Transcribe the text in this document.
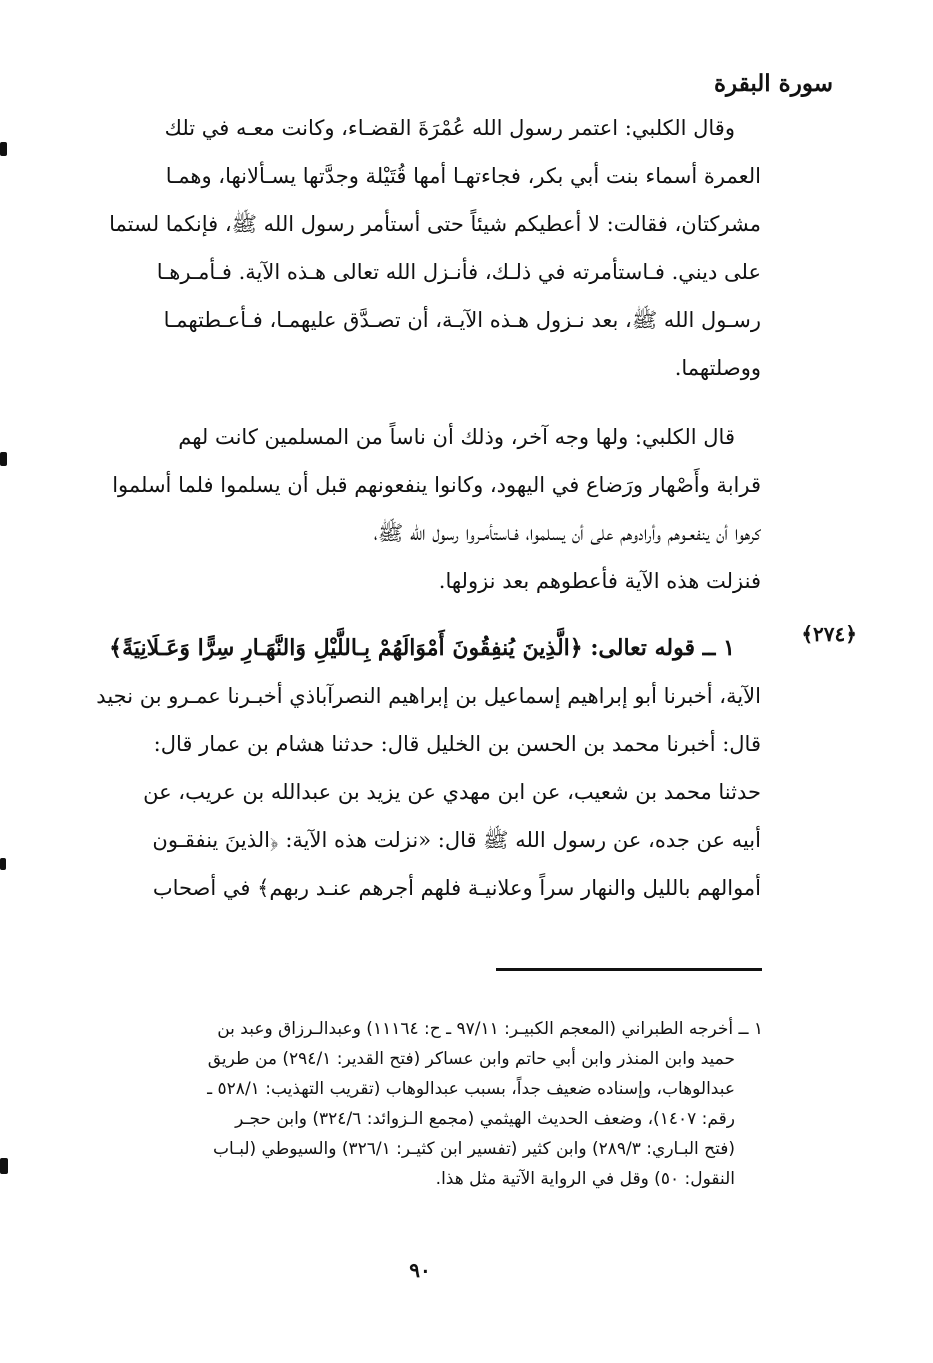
سورة البقرة
وقال الكلبي: اعتمر رسول الله عُمْرَةَ القضـاء، وكانت معـه في تلك
العمرة أسماء بنت أبي بكر، فجاءتهـا أمها قُتَيْلة وجدَّتها يسـألانها، وهمـا
مشركتان، فقالت: لا أعطيكم شيئاً حتى أستأمر رسول الله ﷺ، فإنكما لستما
على ديني. فـاستأمرته في ذلـك، فأنـزل الله تعالى هـذه الآية. فـأمـرهـا
رسـول الله ﷺ، بعد نـزول هـذه الآيـة، أن تصـدَّق عليهمـا، فـأعـطتهمـا
ووصلتهما.
قال الكلبي: ولها وجه آخر، وذلك أن ناساً من المسلمين كانت لهم
قرابة وأَصْهار ورَضاع في اليهود، وكانوا ينفعونهم قبل أن يسلموا فلما أسلموا
كرهوا أن ينفعـوهم وأرادوهم على أن يسلموا، فـاستأمـروا رسول الله ﷺ،
فنزلت هذه الآية فأعطوهم بعد نزولها.
﴿٢٧٤﴾
١ ــ قوله تعالى: ﴿الَّذِينَ يُنفِقُونَ أَمْوَالَهُمْ بِـاللَّيْلِ وَالنَّهَـارِ سِرًّا وَعَـلَانِيَةً﴾
الآية، أخبرنا أبو إبراهيم إسماعيل بن إبراهيم النصرآباذي أخبـرنا عمـرو بن نجيد
قال: أخبرنا محمد بن الحسن بن الخليل قال: حدثنا هشام بن عمار قال:
حدثنا محمد بن شعيب، عن ابن مهدي عن يزيد بن عبدالله بن عريب، عن
أبيه عن جده، عن رسول الله ﷺ قال: «نزلت هذه الآية: ﴿الذينَ ينفقـون
أموالهم بالليل والنهار سراً وعلانيـة فلهم أجرهم عنـد ربهم﴾ في أصحاب
١ ــ أخرجه الطبراني (المعجم الكبيـر: ٩٧/١١ ـ ح: ١١١٦٤) وعبدالـرزاق وعبد بن
حميد وابن المنذر وابن أبي حاتم وابن عساكر (فتح القدير: ٢٩٤/١) من طريق
عبدالوهاب، وإسناده ضعيف جداً، بسبب عبدالوهاب (تقريب التهذيب: ٥٢٨/١ ـ
رقم: ١٤٠٧)، وضعف الحديث الهيثمي (مجمع الـزوائد: ٣٢٤/٦) وابن حجـر
(فتح البـاري: ٢٨٩/٣) وابن كثير (تفسير ابن كثيـر: ٣٢٦/١) والسيوطي (لبـاب
النقول: ٥٠) وقل في الرواية الآتية مثل هذا.
٩٠
